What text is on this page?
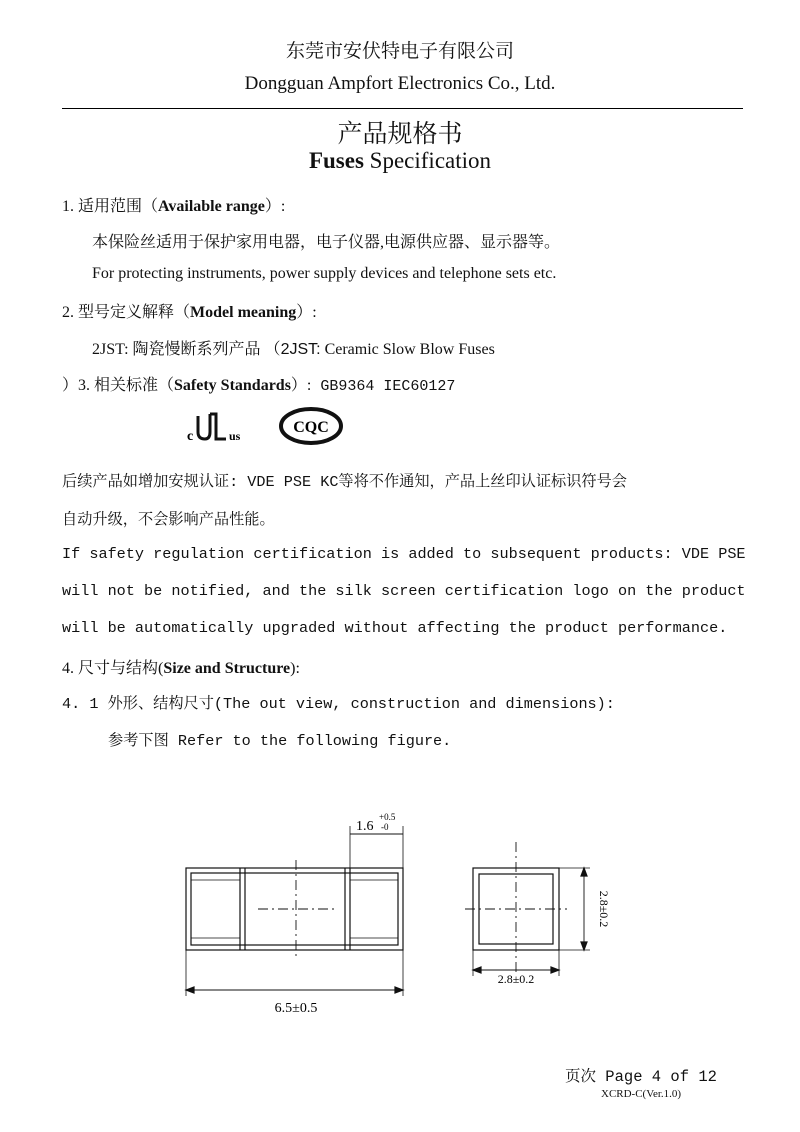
东莞市安伏特电子有限公司
Dongguan Ampfort Electronics Co., Ltd.
产品规格书
Fuses Specification
1. 适用范围（Available range）:
本保险丝适用于保护家用电器，电子仪器,电源供应器、显示器等。
For protecting instruments, power supply devices and telephone sets etc.
2. 型号定义解释（Model meaning）:
2JST: 陶瓷慢断系列产品 （2JST: Ceramic Slow Blow Fuses
）3. 相关标准（Safety Standards）: GB9364 IEC60127
c	us	CQC
后续产品如增加安规认证: VDE PSE KC等将不作通知，产品上丝印认证标识符号会
自动升级，不会影响产品性能。
If safety regulation certification is added to subsequent products: VDE PSE
will not be notified, and the silk screen certification logo on the product
will be automatically upgraded without affecting the product performance.
4. 尺寸与结构(Size and Structure):
4. 1 外形、结构尺寸(The out view, construction and dimensions):
参考下图 Refer to the following figure.
6.5±0.5
1.6
+0.5
-0
2.8±0.2
2.8±0.2
页次 Page 4 of 12
XCRD-C(Ver.1.0)
